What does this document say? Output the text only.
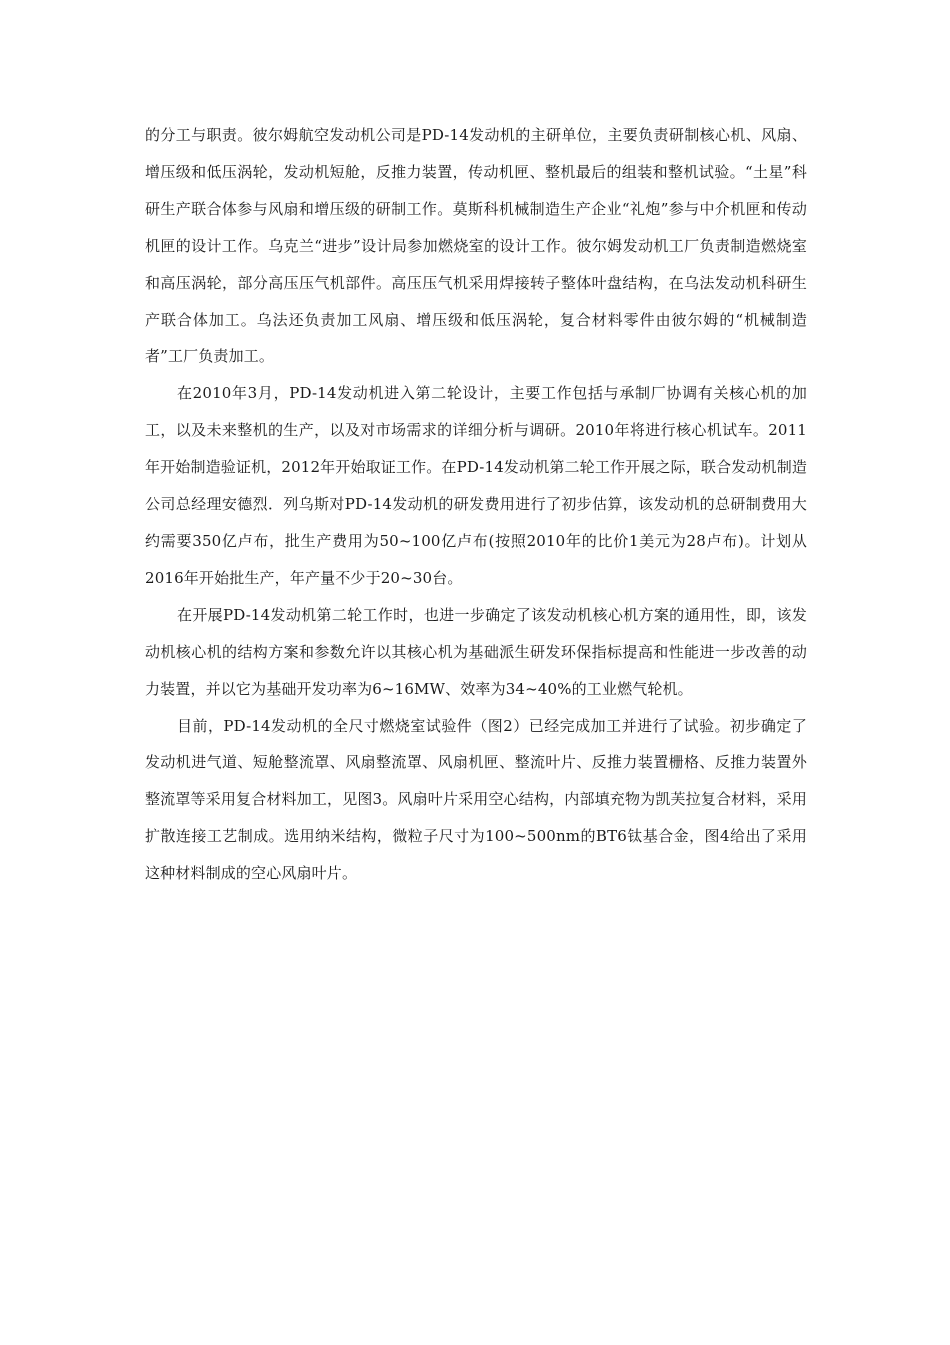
的分工与职责。彼尔姆航空发动机公司是PD-14发动机的主研单位，主要负责研制核心机、风扇、增压级和低压涡轮，发动机短舱，反推力装置，传动机匣、整机最后的组装和整机试验。“土星”科研生产联合体参与风扇和增压级的研制工作。莫斯科机械制造生产企业“礼炮”参与中介机匣和传动机匣的设计工作。乌克兰“进步”设计局参加燃烧室的设计工作。彼尔姆发动机工厂负责制造燃烧室和高压涡轮，部分高压压气机部件。高压压气机采用焊接转子整体叶盘结构，在乌法发动机科研生产联合体加工。乌法还负责加工风扇、增压级和低压涡轮，复合材料零件由彼尔姆的“机械制造者”工厂负责加工。

在2010年3月，PD-14发动机进入第二轮设计，主要工作包括与承制厂协调有关核心机的加工，以及未来整机的生产，以及对市场需求的详细分析与调研。2010年将进行核心机试车。2011年开始制造验证机，2012年开始取证工作。在PD-14发动机第二轮工作开展之际，联合发动机制造公司总经理安德烈．列乌斯对PD-14发动机的研发费用进行了初步估算，该发动机的总研制费用大约需要350亿卢布，批生产费用为50~100亿卢布(按照2010年的比价1美元为28卢布)。计划从2016年开始批生产，年产量不少于20~30台。

在开展PD-14发动机第二轮工作时，也进一步确定了该发动机核心机方案的通用性，即，该发动机核心机的结构方案和参数允许以其核心机为基础派生研发环保指标提高和性能进一步改善的动力装置，并以它为基础开发功率为6~16MW、效率为34~40%的工业燃气轮机。

目前，PD-14发动机的全尺寸燃烧室试验件（图2）已经完成加工并进行了试验。初步确定了发动机进气道、短舱整流罩、风扇整流罩、风扇机匣、整流叶片、反推力装置栅格、反推力装置外整流罩等采用复合材料加工，见图3。风扇叶片采用空心结构，内部填充物为凯芙拉复合材料，采用扩散连接工艺制成。选用纳米结构，微粒子尺寸为100~500nm的BT6钛基合金，图4给出了采用这种材料制成的空心风扇叶片。
